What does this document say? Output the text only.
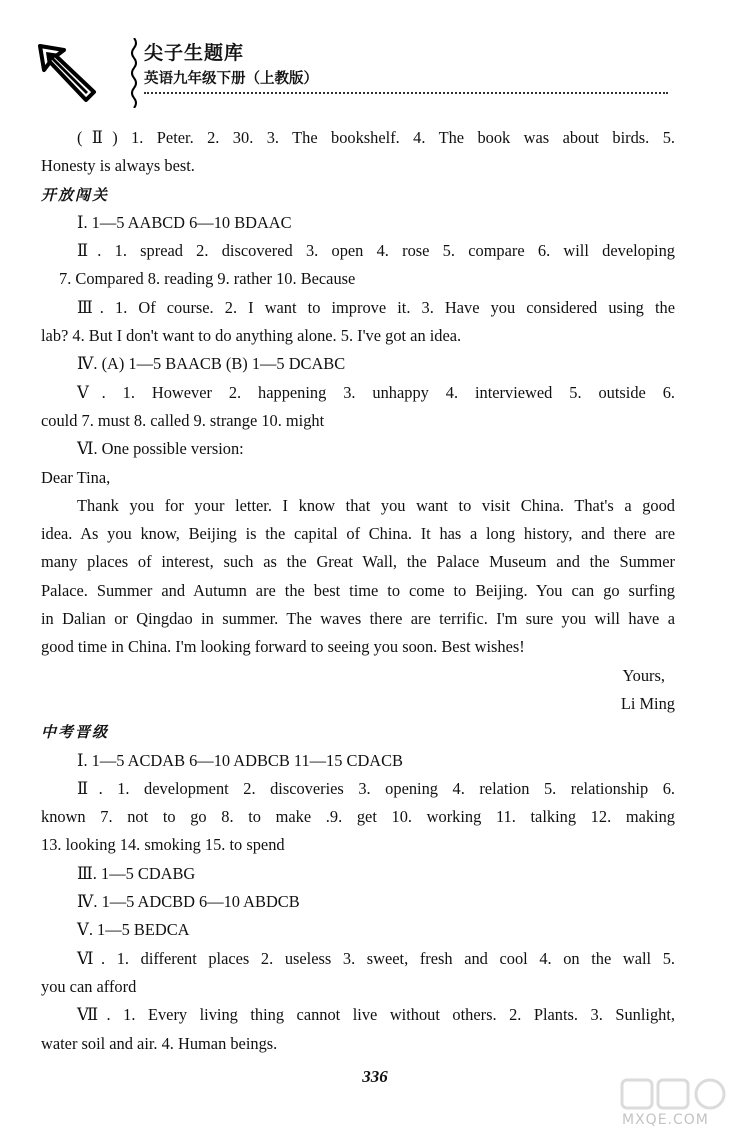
尖子生题库
英语九年级下册（上教版）
(Ⅱ) 1. Peter. 2. 30. 3. The bookshelf. 4. The book was about birds. 5.
Honesty is always best.
开放闯关
Ⅰ. 1—5 AABCD 6—10 BDAAC
Ⅱ. 1. spread 2. discovered 3. open 4. rose 5. compare 6. will developing
7. Compared 8. reading 9. rather 10. Because
Ⅲ. 1. Of course. 2. I want to improve it. 3. Have you considered using the
lab? 4. But I don't want to do anything alone. 5. I've got an idea.
Ⅳ. (A) 1—5 BAACB (B) 1—5 DCABC
Ⅴ. 1. However 2. happening 3. unhappy 4. interviewed 5. outside 6.
could 7. must 8. called 9. strange 10. might
Ⅵ. One possible version:
Dear Tina,
Thank you for your letter. I know that you want to visit China. That's a good
idea. As you know, Beijing is the capital of China. It has a long history, and there are
many places of interest, such as the Great Wall, the Palace Museum and the Summer
Palace. Summer and Autumn are the best time to come to Beijing. You can go surfing
in Dalian or Qingdao in summer. The waves there are terrific. I'm sure you will have a
good time in China. I'm looking forward to seeing you soon. Best wishes!
Yours,
Li Ming
中考晋级
Ⅰ. 1—5 ACDAB 6—10 ADBCB 11—15 CDACB
Ⅱ. 1. development 2. discoveries 3. opening 4. relation 5. relationship 6.
known 7. not to go 8. to make .9. get 10. working 11. talking 12. making
13. looking 14. smoking 15. to spend
Ⅲ. 1—5 CDABG
Ⅳ. 1—5 ADCBD 6—10 ABDCB
Ⅴ. 1—5 BEDCA
Ⅵ. 1. different places 2. useless 3. sweet, fresh and cool 4. on the wall 5.
you can afford
Ⅶ. 1. Every living thing cannot live without others. 2. Plants. 3. Sunlight,
water soil and air. 4. Human beings.
336
MXQE.COM
